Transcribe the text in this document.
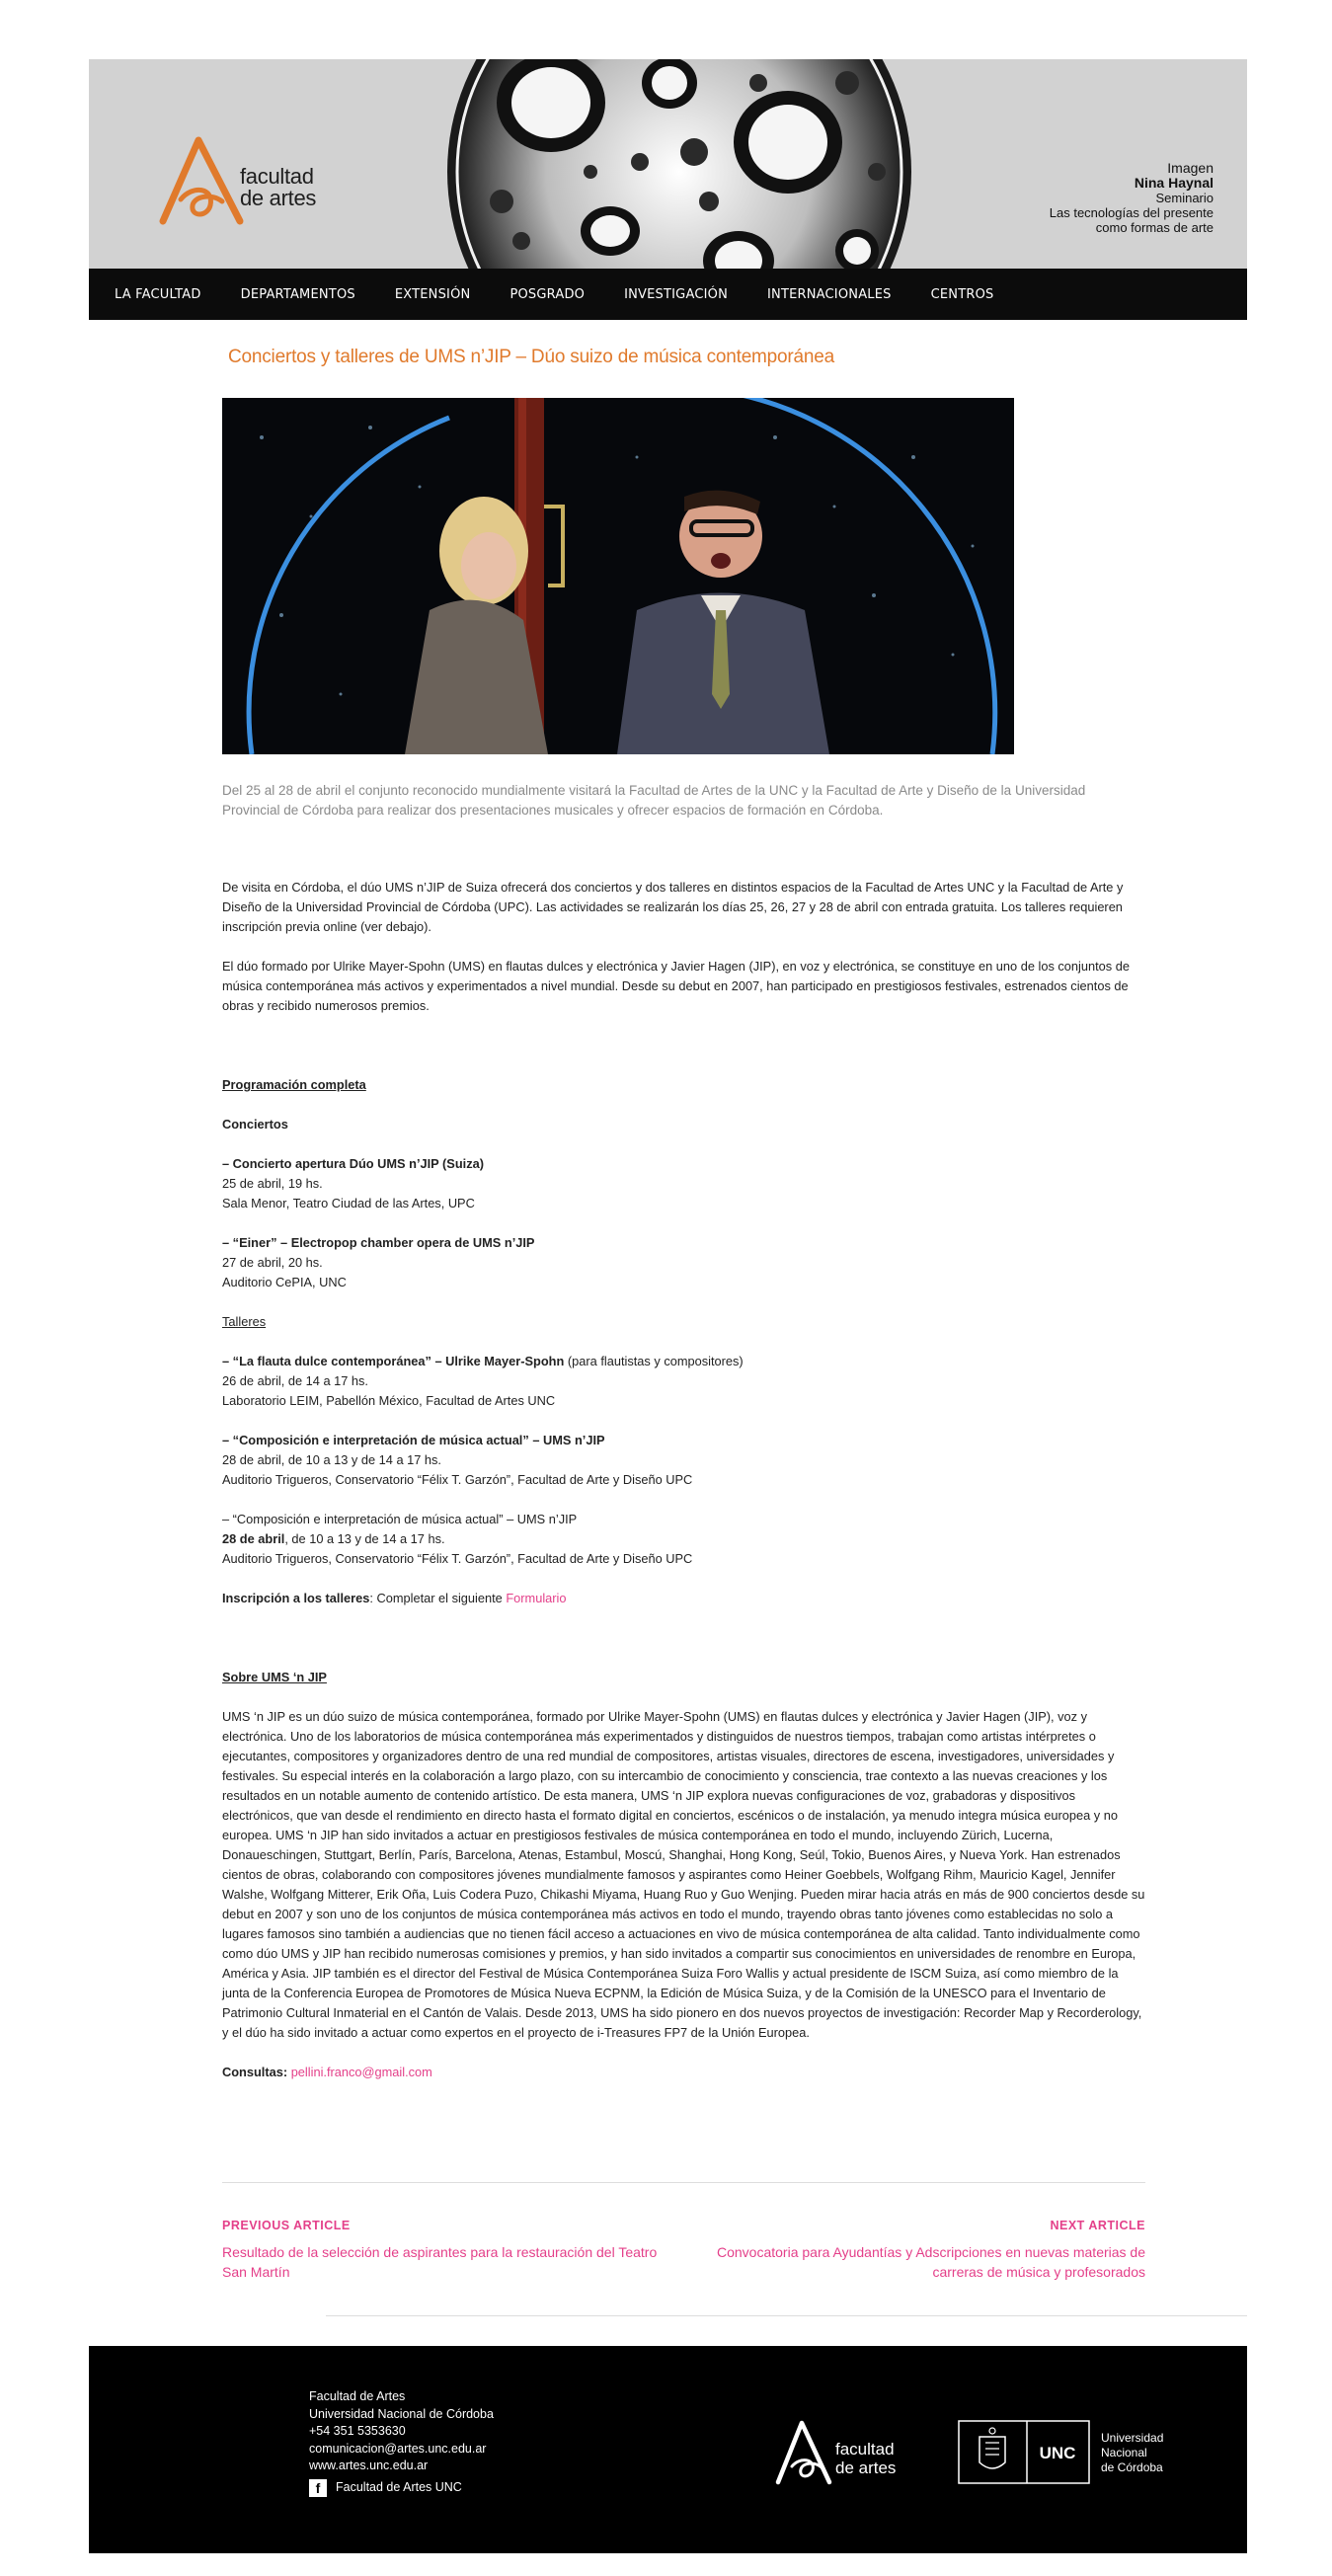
facultad
de artes
Imagen
Nina Haynal
Seminario
Las tecnologías del presente
como formas de arte
LA FACULTAD	DEPARTAMENTOS	EXTENSIÓN	POSGRADO	INVESTIGACIÓN	INTERNACIONALES	CENTROS
Conciertos y talleres de UMS n’JIP – Dúo suizo de música contemporánea
Del 25 al 28 de abril el conjunto reconocido mundialmente visitará la Facultad de Artes de la UNC y la Facultad de Arte y Diseño de la Universidad Provincial de Córdoba para realizar dos presentaciones musicales y ofrecer espacios de formación en Córdoba.

De visita en Córdoba, el dúo UMS n’JIP de Suiza ofrecerá dos conciertos y dos talleres en distintos espacios de la Facultad de Artes UNC y la Facultad de Arte y Diseño de la Universidad Provincial de Córdoba (UPC). Las actividades se realizarán los días 25, 26, 27 y 28 de abril con entrada gratuita. Los talleres requieren inscripción previa online (ver debajo).

El dúo formado por Ulrike Mayer-Spohn (UMS) en flautas dulces y electrónica y Javier Hagen (JIP), en voz y electrónica, se constituye en uno de los conjuntos de música contemporánea más activos y experimentados a nivel mundial. Desde su debut en 2007, han participado en prestigiosos festivales, estrenados cientos de obras y recibido numerosos premios.

Programación completa

Conciertos

– Concierto apertura Dúo UMS n’JIP (Suiza)
25 de abril, 19 hs.
Sala Menor, Teatro Ciudad de las Artes, UPC
– “Einer” – Electropop chamber opera de UMS n’JIP
27 de abril, 20 hs.
Auditorio CePIA, UNC

Talleres

– “La flauta dulce contemporánea” – Ulrike Mayer-Spohn (para flautistas y compositores)
26 de abril, de 14 a 17 hs.
Laboratorio LEIM, Pabellón México, Facultad de Artes UNC
– “Composición e interpretación de música actual” – UMS n’JIP
28 de abril, de 10 a 13 y de 14 a 17 hs.
Auditorio Trigueros, Conservatorio “Félix T. Garzón”, Facultad de Arte y Diseño UPC
– “Composición e interpretación de música actual” – UMS n’JIP
28 de abril, de 10 a 13 y de 14 a 17 hs.
Auditorio Trigueros, Conservatorio “Félix T. Garzón”, Facultad de Arte y Diseño UPC

Inscripción a los talleres: Completar el siguiente Formulario

Sobre UMS ‘n JIP

UMS ‘n JIP es un dúo suizo de música contemporánea, formado por Ulrike Mayer-Spohn (UMS) en flautas dulces y electrónica y Javier Hagen (JIP), voz y electrónica. Uno de los laboratorios de música contemporánea más experimentados y distinguidos de nuestros tiempos, trabajan como artistas intérpretes o ejecutantes, compositores y organizadores dentro de una red mundial de compositores, artistas visuales, directores de escena, investigadores, universidades y festivales. Su especial interés en la colaboración a largo plazo, con su intercambio de conocimiento y consciencia, trae contexto a las nuevas creaciones y los resultados en un notable aumento de contenido artístico. De esta manera, UMS ‘n JIP explora nuevas configuraciones de voz, grabadoras y dispositivos electrónicos, que van desde el rendimiento en directo hasta el formato digital en conciertos, escénicos o de instalación, ya menudo integra música europea y no europea. UMS ‘n JIP han sido invitados a actuar en prestigiosos festivales de música contemporánea en todo el mundo, incluyendo Zürich, Lucerna, Donaueschingen, Stuttgart, Berlín, París, Barcelona, Atenas, Estambul, Moscú, Shanghai, Hong Kong, Seúl, Tokio, Buenos Aires, y Nueva York. Han estrenados cientos de obras, colaborando con compositores jóvenes mundialmente famosos y aspirantes como Heiner Goebbels, Wolfgang Rihm, Mauricio Kagel, Jennifer Walshe, Wolfgang Mitterer, Erik Oña, Luis Codera Puzo, Chikashi Miyama, Huang Ruo y Guo Wenjing. Pueden mirar hacia atrás en más de 900 conciertos desde su debut en 2007 y son uno de los conjuntos de música contemporánea más activos en todo el mundo, trayendo obras tanto jóvenes como establecidas no solo a lugares famosos sino también a audiencias que no tienen fácil acceso a actuaciones en vivo de música contemporánea de alta calidad. Tanto individualmente como como dúo UMS y JIP han recibido numerosas comisiones y premios, y han sido invitados a compartir sus conocimientos en universidades de renombre en Europa, América y Asia. JIP también es el director del Festival de Música Contemporánea Suiza Foro Wallis y actual presidente de ISCM Suiza, así como miembro de la junta de la Conferencia Europea de Promotores de Música Nueva ECPNM, la Edición de Música Suiza, y de la Comisión de la UNESCO para el Inventario de Patrimonio Cultural Inmaterial en el Cantón de Valais. Desde 2013, UMS ha sido pionero en dos nuevos proyectos de investigación: Recorder Map y Recorderology, y el dúo ha sido invitado a actuar como expertos en el proyecto de i-Treasures FP7 de la Unión Europea.

Consultas: pellini.franco@gmail.com

PREVIOUS ARTICLE
Resultado de la selección de aspirantes para la restauración del Teatro San Martín
NEXT ARTICLE
Convocatoria para Ayudantías y Adscripciones en nuevas materias de carreras de música y profesorados
Facultad de Artes
Universidad Nacional de Córdoba
+54 351 5353630
comunicacion@artes.unc.edu.ar
www.artes.unc.edu.ar
f	Facultad de Artes UNC
facultad
de artes
UNC
Universidad
Nacional
de Córdoba
